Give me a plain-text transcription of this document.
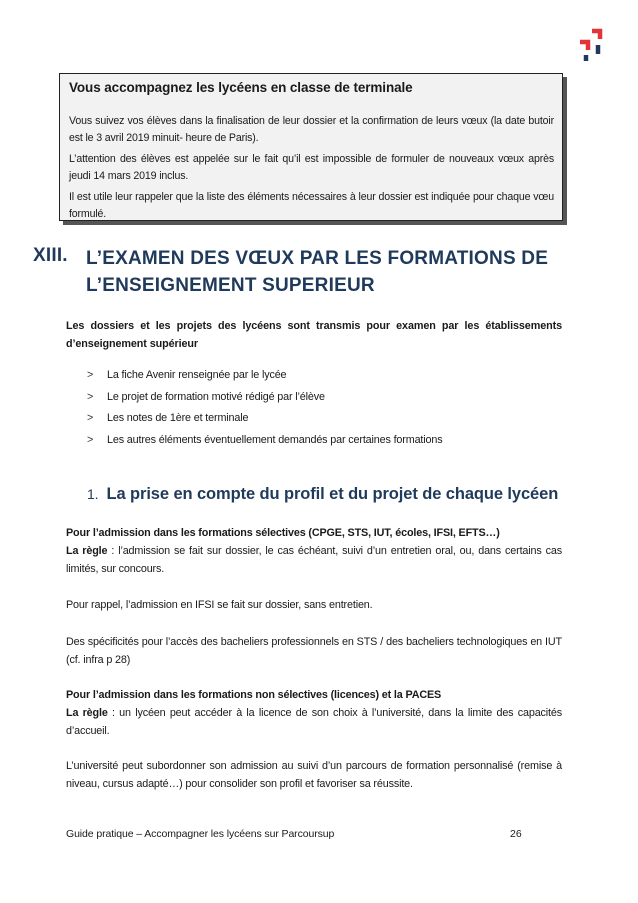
Vous accompagnez les lycéens en classe de terminale

Vous suivez vos élèves dans la finalisation de leur dossier et la confirmation de leurs vœux (la date butoir est le 3 avril 2019 minuit- heure de Paris).

L’attention des élèves est appelée sur le fait qu’il est impossible de formuler de nouveaux vœux après jeudi 14 mars 2019 inclus.

Il est utile leur rappeler que la liste des éléments nécessaires à leur dossier est indiquée pour chaque vœu formulé.

XIII. L’EXAMEN DES VŒUX PAR LES FORMATIONS DE L’ENSEIGNEMENT SUPERIEUR

Les dossiers et les projets des lycéens sont transmis pour examen par les établissements d’enseignement supérieur

>	La fiche Avenir renseignée par le lycée
>	Le projet de formation motivé rédigé par l’élève
>	Les notes de 1ère et terminale
>	Les autres éléments éventuellement demandés par certaines formations
1. La prise en compte du profil et du projet de chaque lycéen

Pour l’admission dans les formations sélectives (CPGE, STS, IUT, écoles, IFSI, EFTS…)

La règle : l’admission se fait sur dossier, le cas échéant, suivi d’un entretien oral, ou, dans certains cas limités, sur concours.

Pour rappel, l’admission en IFSI se fait sur dossier, sans entretien.

Des spécificités pour l’accès des bacheliers professionnels en STS / des bacheliers technologiques en IUT (cf. infra p 28)

Pour l’admission dans les formations non sélectives (licences) et la PACES

La règle : un lycéen peut accéder à la licence de son choix à l’université, dans la limite des capacités d’accueil.

L’université peut subordonner son admission au suivi d’un parcours de formation personnalisé (remise à niveau, cursus adapté…) pour consolider son profil et favoriser sa réussite.

Guide pratique – Accompagner les lycéens sur Parcoursup	26
